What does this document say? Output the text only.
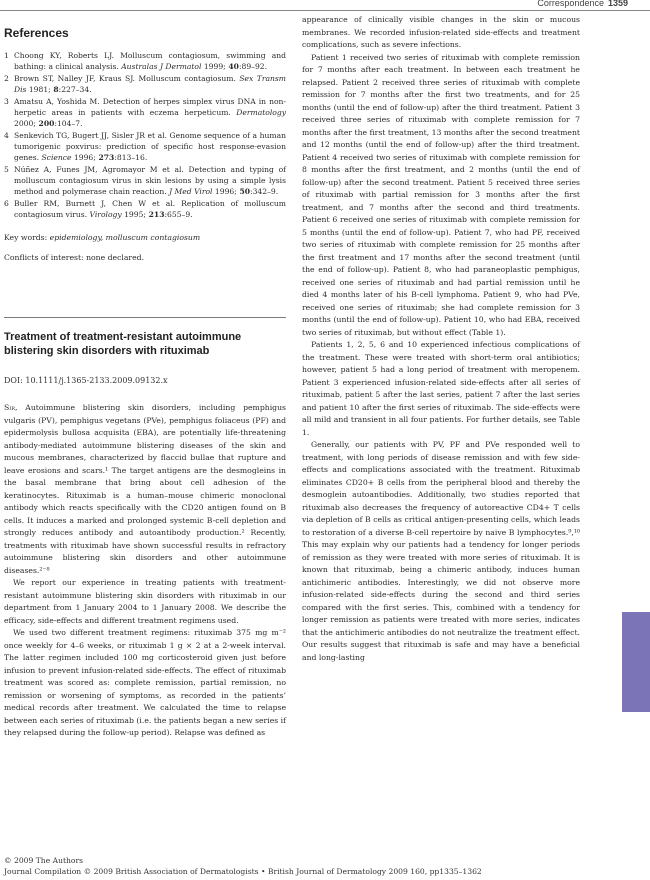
Correspondence 1359
References
1 Choong KY, Roberts LJ. Molluscum contagiosum, swimming and bathing: a clinical analysis. Australas J Dermatol 1999; 40:89–92.
2 Brown ST, Nalley JF, Kraus SJ. Molluscum contagiosum. Sex Transm Dis 1981; 8:227–34.
3 Amatsu A, Yoshida M. Detection of herpes simplex virus DNA in non-herpetic areas in patients with eczema herpeticum. Dermatology 2000; 200:104–7.
4 Senkevich TG, Bugert JJ, Sisler JR et al. Genome sequence of a human tumorigenic poxvirus: prediction of specific host response-evasion genes. Science 1996; 273:813–16.
5 Núñez A, Funes JM, Agromayor M et al. Detection and typing of molluscum contagiosum virus in skin lesions by using a simple lysis method and polymerase chain reaction. J Med Virol 1996; 50:342–9.
6 Buller RM, Burnett J, Chen W et al. Replication of molluscum contagiosum virus. Virology 1995; 213:655–9.
Key words: epidemiology, molluscum contagiosum
Conflicts of interest: none declared.
Treatment of treatment-resistant autoimmune blistering skin disorders with rituximab
DOI: 10.1111/j.1365-2133.2009.09132.x

Sir, Autoimmune blistering skin disorders, including pemphigus vulgaris (PV), pemphigus vegetans (PVe), pemphigus foliaceus (PF) and epidermolysis bullosa acquisita (EBA), are potentially life-threatening antibody-mediated autoimmune blistering diseases of the skin and mucous membranes, characterized by flaccid bullae that rupture and leave erosions and scars.¹ The target antigens are the desmogleins in the basal membrane that bring about cell adhesion of the keratinocytes. Rituximab is a human–mouse chimeric monoclonal antibody which reacts specifically with the CD20 antigen found on B cells. It induces a marked and prolonged systemic B-cell depletion and strongly reduces antibody and autoantibody production.² Recently, treatments with rituximab have shown successful results in refractory autoimmune blistering skin disorders and other autoimmune diseases.²⁻⁸

We report our experience in treating patients with treatment-resistant autoimmune blistering skin disorders with rituximab in our department from 1 January 2004 to 1 January 2008. We describe the efficacy, side-effects and different treatment regimens used.

We used two different treatment regimens: rituximab 375 mg m⁻² once weekly for 4–6 weeks, or rituximab 1 g × 2 at a 2-week interval. The latter regimen included 100 mg corticosteroid given just before infusion to prevent infusion-related side-effects. The effect of rituximab treatment was scored as: complete remission, partial remission, no remission or worsening of symptoms, as recorded in the patients’ medical records after treatment. We calculated the time to relapse between each series of rituximab (i.e. the patients began a new series if they relapsed during the follow-up period). Relapse was defined as

appearance of clinically visible changes in the skin or mucous membranes. We recorded infusion-related side-effects and treatment complications, such as severe infections.

Patient 1 received two series of rituximab with complete remission for 7 months after each treatment. In between each treatment he relapsed. Patient 2 received three series of rituximab with complete remission for 7 months after the first two treatments, and for 25 months (until the end of follow-up) after the third treatment. Patient 3 received three series of rituximab with complete remission for 7 months after the first treatment, 13 months after the second treatment and 12 months (until the end of follow-up) after the third treatment. Patient 4 received two series of rituximab with complete remission for 8 months after the first treatment, and 2 months (until the end of follow-up) after the second treatment. Patient 5 received three series of rituximab with partial remission for 3 months after the first treatment, and 7 months after the second and third treatments. Patient 6 received one series of rituximab with complete remission for 5 months (until the end of follow-up). Patient 7, who had PF, received two series of rituximab with complete remission for 25 months after the first treatment and 17 months after the second treatment (until the end of follow-up). Patient 8, who had paraneoplastic pemphigus, received one series of rituximab and had partial remission until he died 4 months later of his B-cell lymphoma. Patient 9, who had PVe, received one series of rituximab; she had complete remission for 3 months (until the end of follow-up). Patient 10, who had EBA, received two series of rituximab, but without effect (Table 1).

Patients 1, 2, 5, 6 and 10 experienced infectious complications of the treatment. These were treated with short-term oral antibiotics; however, patient 5 had a long period of treatment with meropenem. Patient 3 experienced infusion-related side-effects after all series of rituximab, patient 5 after the last series, patient 7 after the last series and patient 10 after the first series of rituximab. The side-effects were all mild and transient in all four patients. For further details, see Table 1.

Generally, our patients with PV, PF and PVe responded well to treatment, with long periods of disease remission and with few side-effects and complications associated with the treatment. Rituximab eliminates CD20+ B cells from the peripheral blood and thereby the desmoglein autoantibodies. Additionally, two studies reported that rituximab also decreases the frequency of autoreactive CD4+ T cells via depletion of B cells as critical antigen-presenting cells, which leads to restoration of a diverse B-cell repertoire by naive B lymphocytes.⁹,¹⁰ This may explain why our patients had a tendency for longer periods of remission as they were treated with more series of rituximab. It is known that rituximab, being a chimeric antibody, induces human antichimeric antibodies. Interestingly, we did not observe more infusion-related side-effects during the second and third series compared with the first series. This, combined with a tendency for longer remission as patients were treated with more series, indicates that the antichimeric antibodies do not neutralize the treatment effect. Our results suggest that rituximab is safe and may have a beneficial and long-lasting

© 2009 The Authors
Journal Compilation © 2009 British Association of Dermatologists • British Journal of Dermatology 2009 160, pp1335–1362
